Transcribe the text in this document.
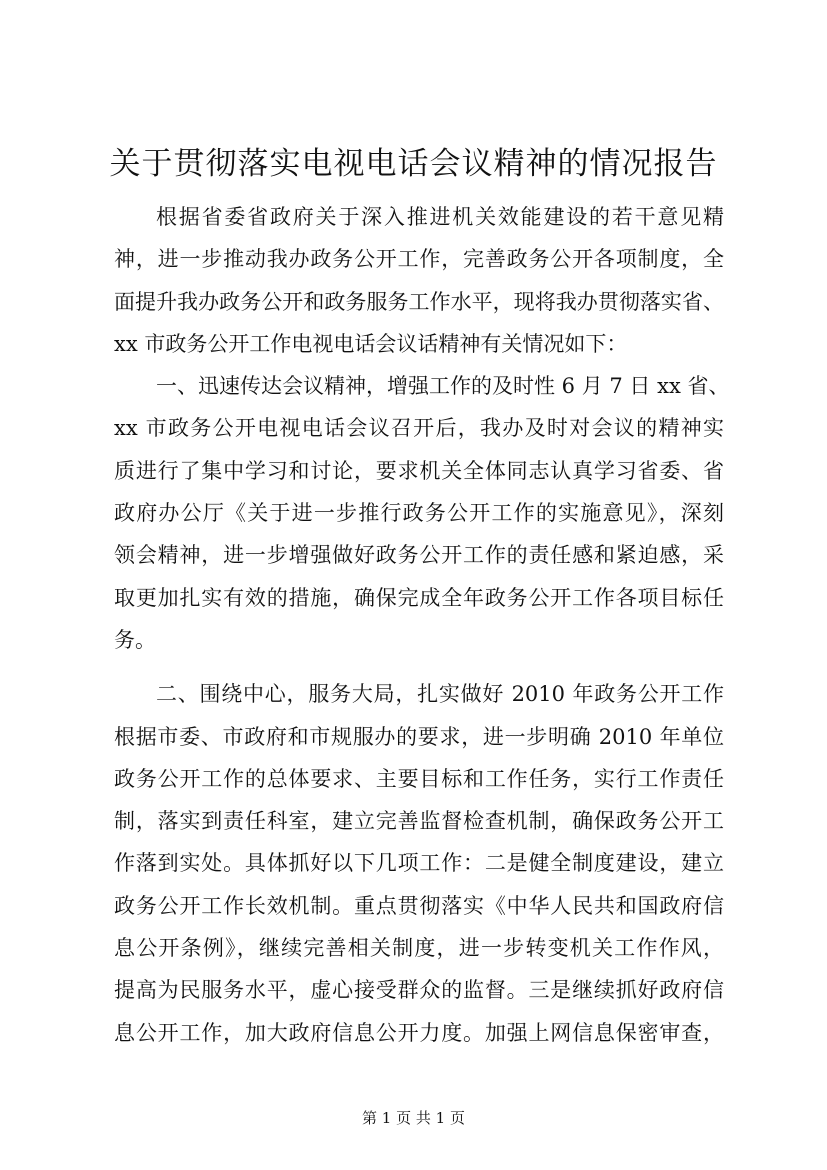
关于贯彻落实电视电话会议精神的情况报告
根据省委省政府关于深入推进机关效能建设的若干意见精
神，进一步推动我办政务公开工作，完善政务公开各项制度，全
面提升我办政务公开和政务服务工作水平，现将我办贯彻落实省、
xx 市政务公开工作电视电话会议话精神有关情况如下：
一、迅速传达会议精神，增强工作的及时性 6 月 7 日 xx 省、
xx 市政务公开电视电话会议召开后，我办及时对会议的精神实
质进行了集中学习和讨论，要求机关全体同志认真学习省委、省
政府办公厅《关于进一步推行政务公开工作的实施意见》，深刻
领会精神，进一步增强做好政务公开工作的责任感和紧迫感，采
取更加扎实有效的措施，确保完成全年政务公开工作各项目标任
务。
二、围绕中心，服务大局，扎实做好 2010 年政务公开工作
根据市委、市政府和市规服办的要求，进一步明确 2010 年单位
政务公开工作的总体要求、主要目标和工作任务，实行工作责任
制，落实到责任科室，建立完善监督检查机制，确保政务公开工
作落到实处。具体抓好以下几项工作：二是健全制度建设，建立
政务公开工作长效机制。重点贯彻落实《中华人民共和国政府信
息公开条例》，继续完善相关制度，进一步转变机关工作作风，
提高为民服务水平，虚心接受群众的监督。三是继续抓好政府信
息公开工作，加大政府信息公开力度。加强上网信息保密审查，
第 1 页 共 1 页
